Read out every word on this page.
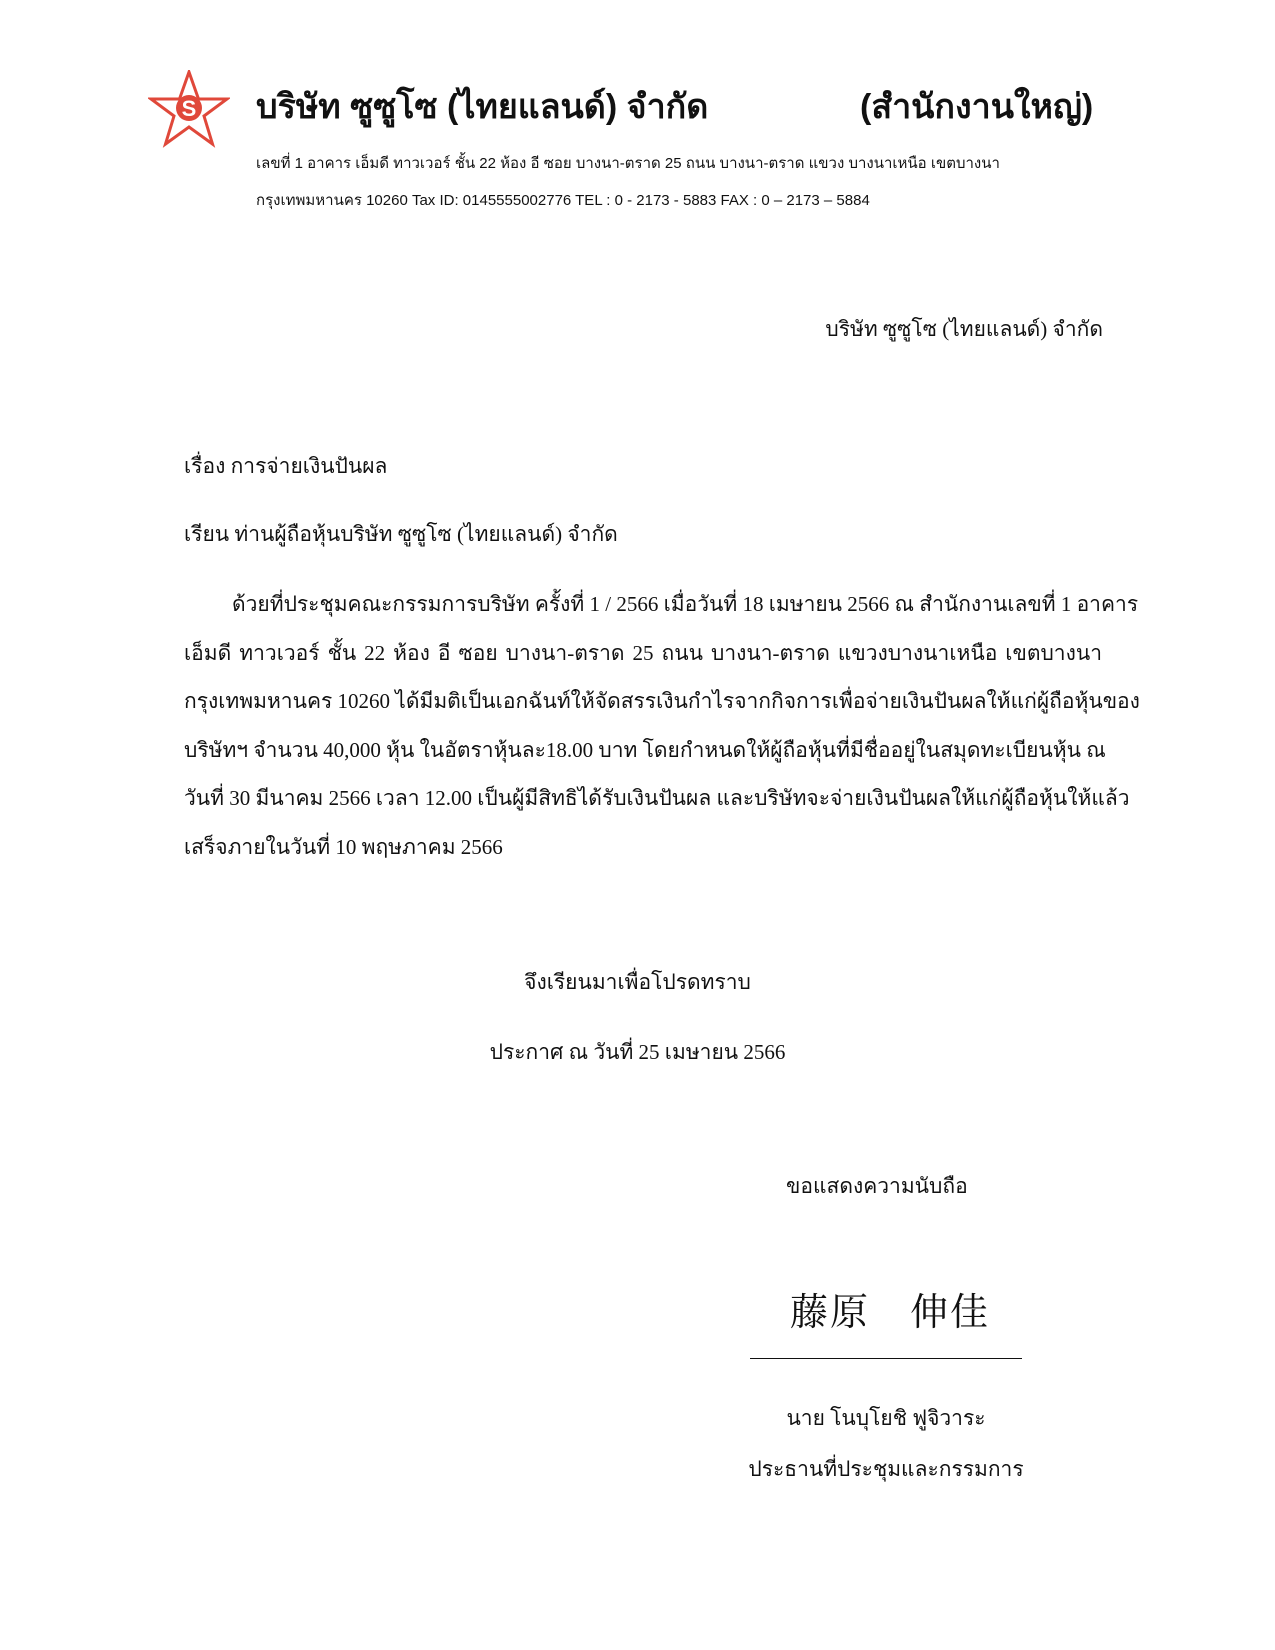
S บริษัท ซูซูโซ (ไทยแลนด์) จำกัด	(สำนักงานใหญ่)
เลขที่ 1 อาคาร เอ็มดี ทาวเวอร์ ชั้น 22 ห้อง อี ซอย บางนา-ตราด 25 ถนน บางนา-ตราด แขวง บางนาเหนือ เขตบางนา
กรุงเทพมหานคร 10260 Tax ID: 0145555002776 TEL : 0 - 2173 - 5883 FAX : 0 – 2173 – 5884
บริษัท ซูซูโซ (ไทยแลนด์) จำกัด
เรื่อง การจ่ายเงินปันผล
เรียน ท่านผู้ถือหุ้นบริษัท ซูซูโซ (ไทยแลนด์) จำกัด
ด้วยที่ประชุมคณะกรรมการบริษัท ครั้งที่ 1 / 2566 เมื่อวันที่ 18 เมษายน 2566 ณ สำนักงานเลขที่ 1 อาคาร
เอ็มดี ทาวเวอร์ ชั้น 22 ห้อง อี ซอย บางนา-ตราด 25 ถนน บางนา-ตราด แขวงบางนาเหนือ เขตบางนา
กรุงเทพมหานคร 10260 ได้มีมติเป็นเอกฉันท์ให้จัดสรรเงินกำไรจากกิจการเพื่อจ่ายเงินปันผลให้แก่ผู้ถือหุ้นของ
บริษัทฯ จำนวน 40,000 หุ้น ในอัตราหุ้นละ18.00 บาท โดยกำหนดให้ผู้ถือหุ้นที่มีชื่ออยู่ในสมุดทะเบียนหุ้น ณ
วันที่ 30 มีนาคม 2566 เวลา 12.00 เป็นผู้มีสิทธิได้รับเงินปันผล และบริษัทจะจ่ายเงินปันผลให้แก่ผู้ถือหุ้นให้แล้ว
เสร็จภายในวันที่ 10 พฤษภาคม 2566
จึงเรียนมาเพื่อโปรดทราบ
ประกาศ ณ วันที่ 25 เมษายน 2566
ขอแสดงความนับถือ
藤原　伸佳
นาย โนบุโยชิ ฟูจิวาระ
ประธานที่ประชุมและกรรมการ
